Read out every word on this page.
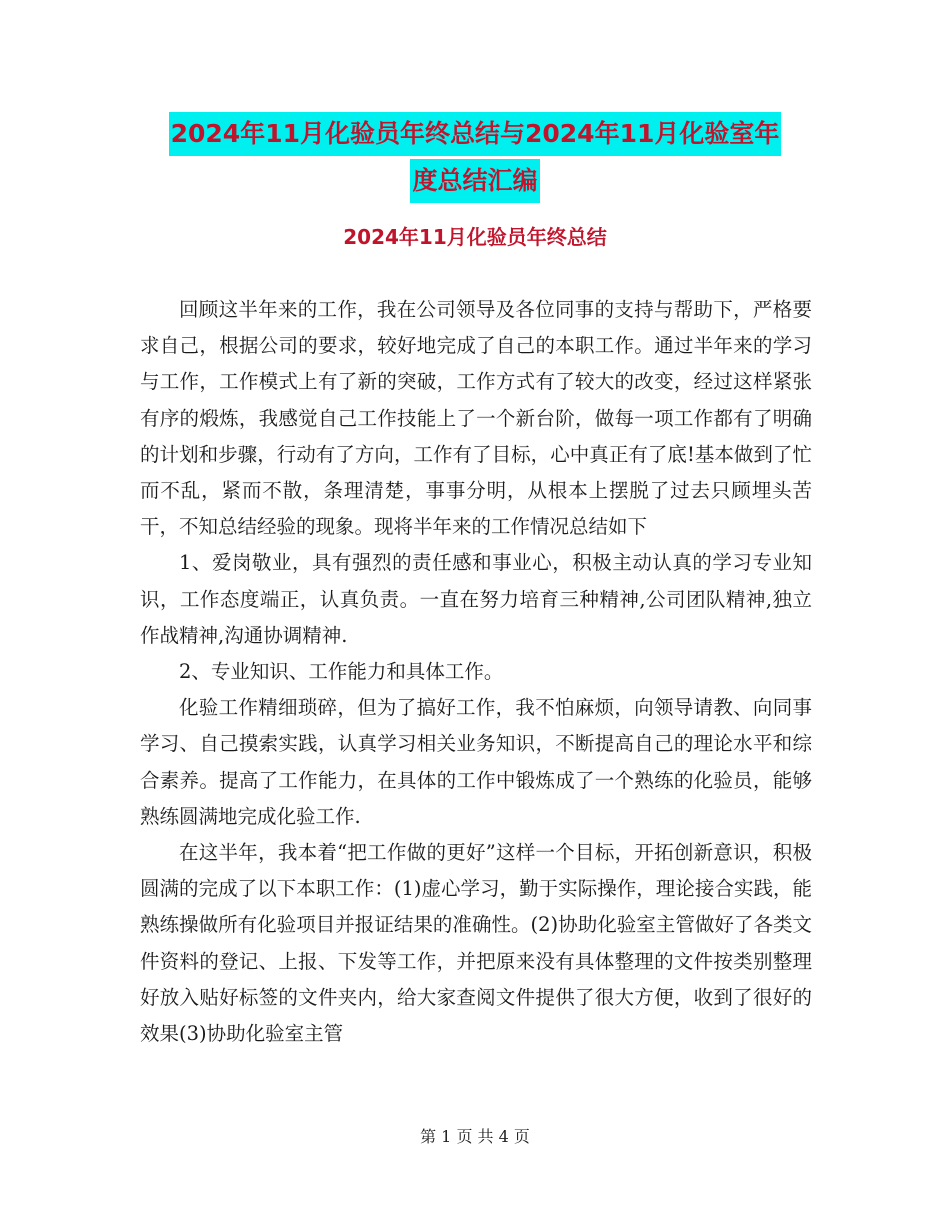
2024年11月化验员年终总结与2024年11月化验室年
度总结汇编
2024年11月化验员年终总结

回顾这半年来的工作，我在公司领导及各位同事的支持与帮助下，严格要求自己，根据公司的要求，较好地完成了自己的本职工作。通过半年来的学习与工作，工作模式上有了新的突破，工作方式有了较大的改变，经过这样紧张有序的煅炼，我感觉自己工作技能上了一个新台阶，做每一项工作都有了明确的计划和步骤，行动有了方向，工作有了目标，心中真正有了底!基本做到了忙而不乱，紧而不散，条理清楚，事事分明，从根本上摆脱了过去只顾埋头苦干，不知总结经验的现象。现将半年来的工作情况总结如下

1、爱岗敬业，具有强烈的责任感和事业心，积极主动认真的学习专业知识，工作态度端正，认真负责。一直在努力培育三种精神,公司团队精神,独立作战精神,沟通协调精神.

2、专业知识、工作能力和具体工作。

化验工作精细琐碎，但为了搞好工作，我不怕麻烦，向领导请教、向同事学习、自己摸索实践，认真学习相关业务知识，不断提高自己的理论水平和综合素养。提高了工作能力，在具体的工作中锻炼成了一个熟练的化验员，能够熟练圆满地完成化验工作.

在这半年，我本着“把工作做的更好”这样一个目标，开拓创新意识，积极圆满的完成了以下本职工作：(1)虚心学习，勤于实际操作，理论接合实践，能熟练操做所有化验项目并报证结果的准确性。(2)协助化验室主管做好了各类文件资料的登记、上报、下发等工作，并把原来没有具体整理的文件按类别整理好放入贴好标签的文件夹内，给大家查阅文件提供了很大方便，收到了很好的效果(3)协助化验室主管

第 1 页 共 4 页
